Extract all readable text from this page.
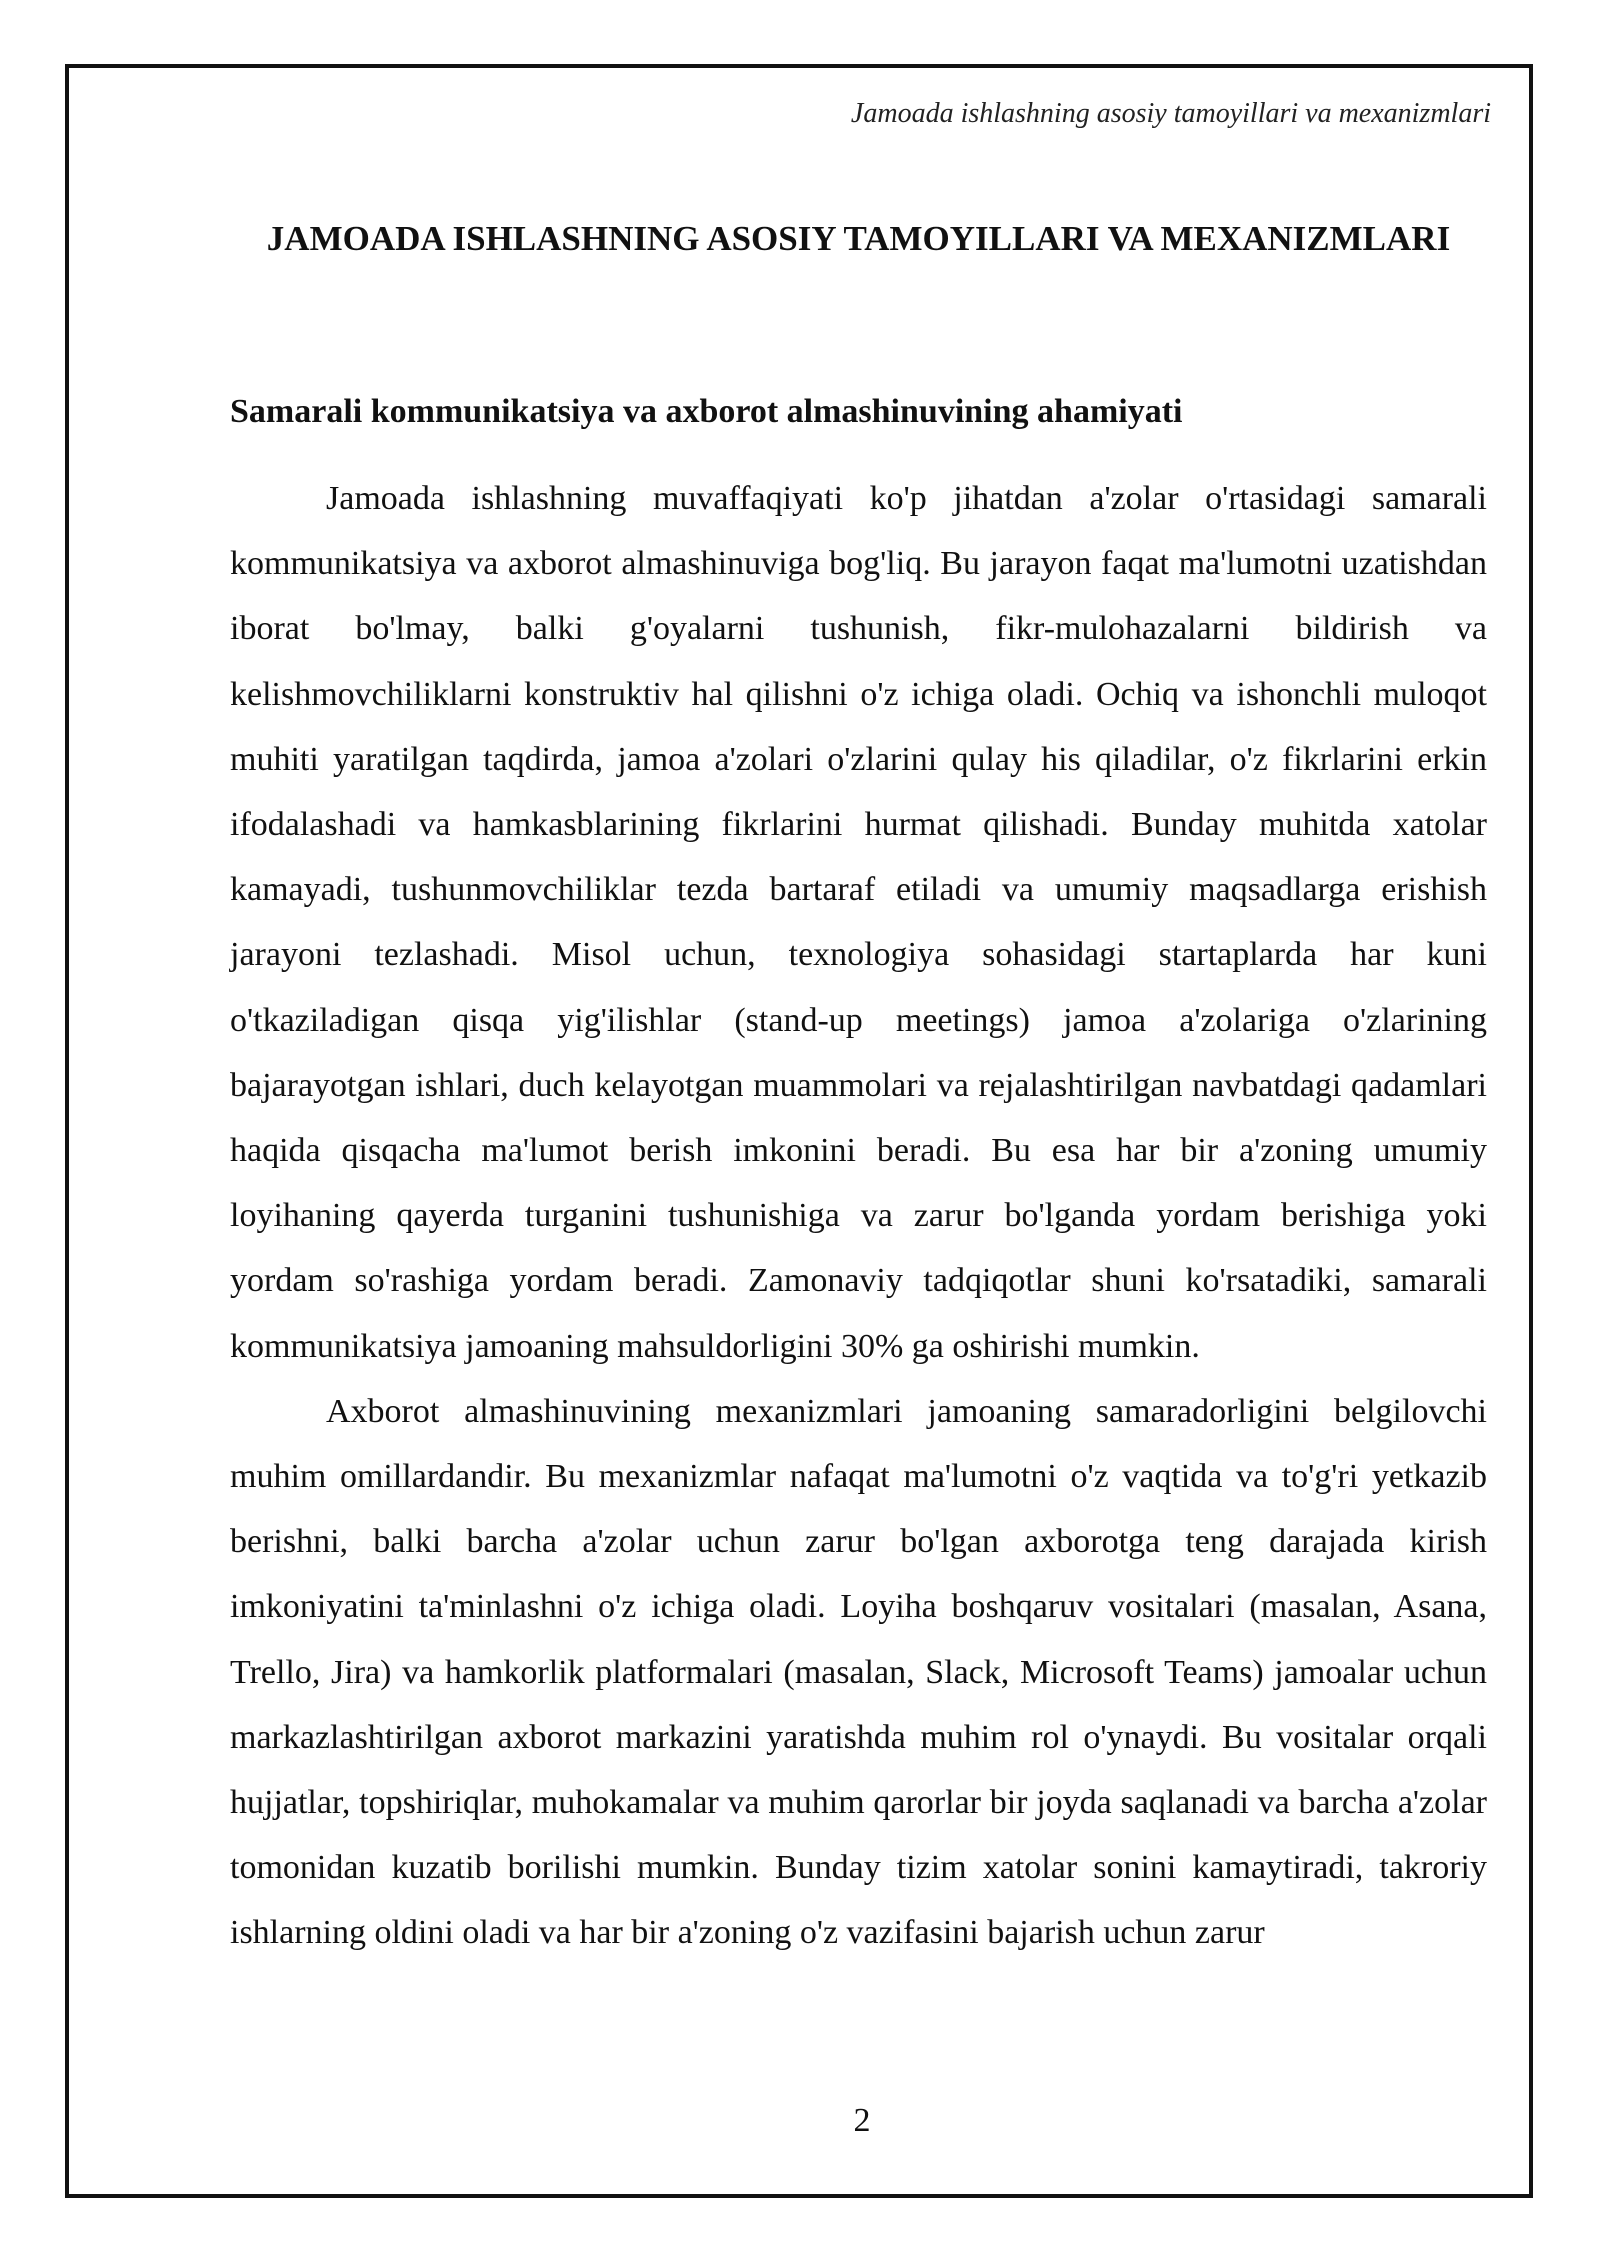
Jamoada ishlashning asosiy tamoyillari va mexanizmlari
JAMOADA ISHLASHNING ASOSIY TAMOYILLARI VA MEXANIZMLARI
Samarali kommunikatsiya va axborot almashinuvining ahamiyati

Jamoada ishlashning muvaffaqiyati ko'p jihatdan a'zolar o'rtasidagi samarali kommunikatsiya va axborot almashinuviga bog'liq. Bu jarayon faqat ma'lumotni uzatishdan iborat bo'lmay, balki g'oyalarni tushunish, fikr-mulohazalarni bildirish va kelishmovchiliklarni konstruktiv hal qilishni o'z ichiga oladi. Ochiq va ishonchli muloqot muhiti yaratilgan taqdirda, jamoa a'zolari o'zlarini qulay his qiladilar, o'z fikrlarini erkin ifodalashadi va hamkasblarining fikrlarini hurmat qilishadi. Bunday muhitda xatolar kamayadi, tushunmovchiliklar tezda bartaraf etiladi va umumiy maqsadlarga erishish jarayoni tezlashadi. Misol uchun, texnologiya sohasidagi startaplarda har kuni o'tkaziladigan qisqa yig'ilishlar (stand-up meetings) jamoa a'zolariga o'zlarining bajarayotgan ishlari, duch kelayotgan muammolari va rejalashtirilgan navbatdagi qadamlari haqida qisqacha ma'lumot berish imkonini beradi. Bu esa har bir a'zoning umumiy loyihaning qayerda turganini tushunishiga va zarur bo'lganda yordam berishiga yoki yordam so'rashiga yordam beradi. Zamonaviy tadqiqotlar shuni ko'rsatadiki, samarali kommunikatsiya jamoaning mahsuldorligini 30% ga oshirishi mumkin.

Axborot almashinuvining mexanizmlari jamoaning samaradorligini belgilovchi muhim omillardandir. Bu mexanizmlar nafaqat ma'lumotni o'z vaqtida va to'g'ri yetkazib berishni, balki barcha a'zolar uchun zarur bo'lgan axborotga teng darajada kirish imkoniyatini ta'minlashni o'z ichiga oladi. Loyiha boshqaruv vositalari (masalan, Asana, Trello, Jira) va hamkorlik platformalari (masalan, Slack, Microsoft Teams) jamoalar uchun markazlashtirilgan axborot markazini yaratishda muhim rol o'ynaydi. Bu vositalar orqali hujjatlar, topshiriqlar, muhokamalar va muhim qarorlar bir joyda saqlanadi va barcha a'zolar tomonidan kuzatib borilishi mumkin. Bunday tizim xatolar sonini kamaytiradi, takroriy ishlarning oldini oladi va har bir a'zoning o'z vazifasini bajarish uchun zarur

2
